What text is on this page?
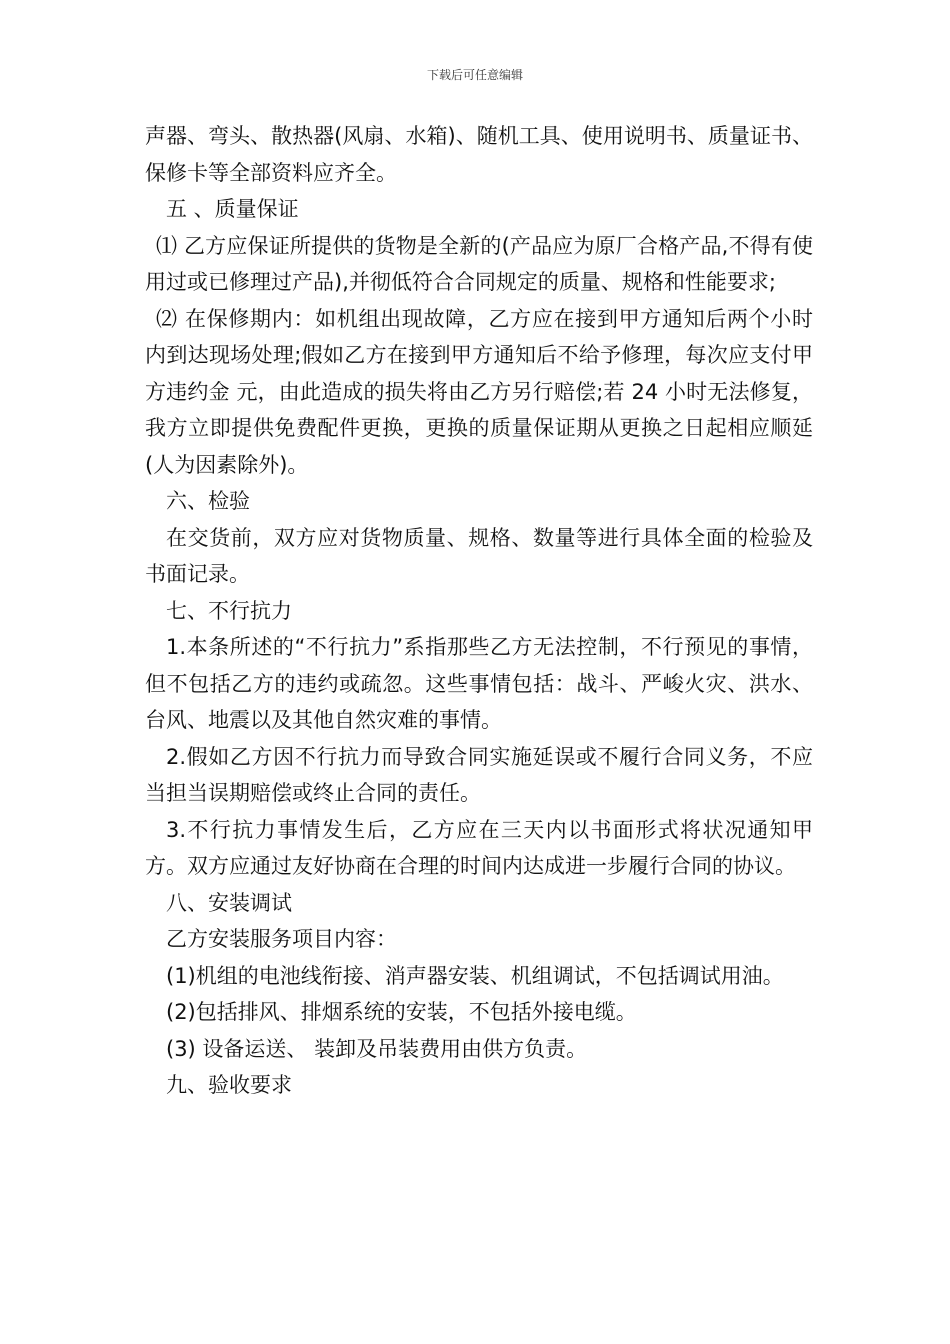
下载后可任意编辑

声器、弯头、散热器(风扇、水箱)、随机工具、使用说明书、质量证书、保修卡等全部资料应齐全。

五 、质量保证

⑴ 乙方应保证所提供的货物是全新的(产品应为原厂合格产品,不得有使用过或已修理过产品),并彻低符合合同规定的质量、规格和性能要求;

⑵ 在保修期内：如机组出现故障，乙方应在接到甲方通知后两个小时内到达现场处理;假如乙方在接到甲方通知后不给予修理，每次应支付甲方违约金 元，由此造成的损失将由乙方另行赔偿;若 24 小时无法修复，我方立即提供免费配件更换，更换的质量保证期从更换之日起相应顺延(人为因素除外)。

六、检验

在交货前，双方应对货物质量、规格、数量等进行具体全面的检验及书面记录。

七、不行抗力

1.本条所述的“不行抗力”系指那些乙方无法控制，不行预见的事情，但不包括乙方的违约或疏忽。这些事情包括：战斗、严峻火灾、洪水、台风、地震以及其他自然灾难的事情。

2.假如乙方因不行抗力而导致合同实施延误或不履行合同义务，不应当担当误期赔偿或终止合同的责任。

3.不行抗力事情发生后，乙方应在三天内以书面形式将状况通知甲方。双方应通过友好协商在合理的时间内达成进一步履行合同的协议。

八、安装调试

乙方安装服务项目内容：

(1)机组的电池线衔接、消声器安装、机组调试，不包括调试用油。

(2)包括排风、排烟系统的安装，不包括外接电缆。

(3) 设备运送、 装卸及吊装费用由供方负责。

九、验收要求
